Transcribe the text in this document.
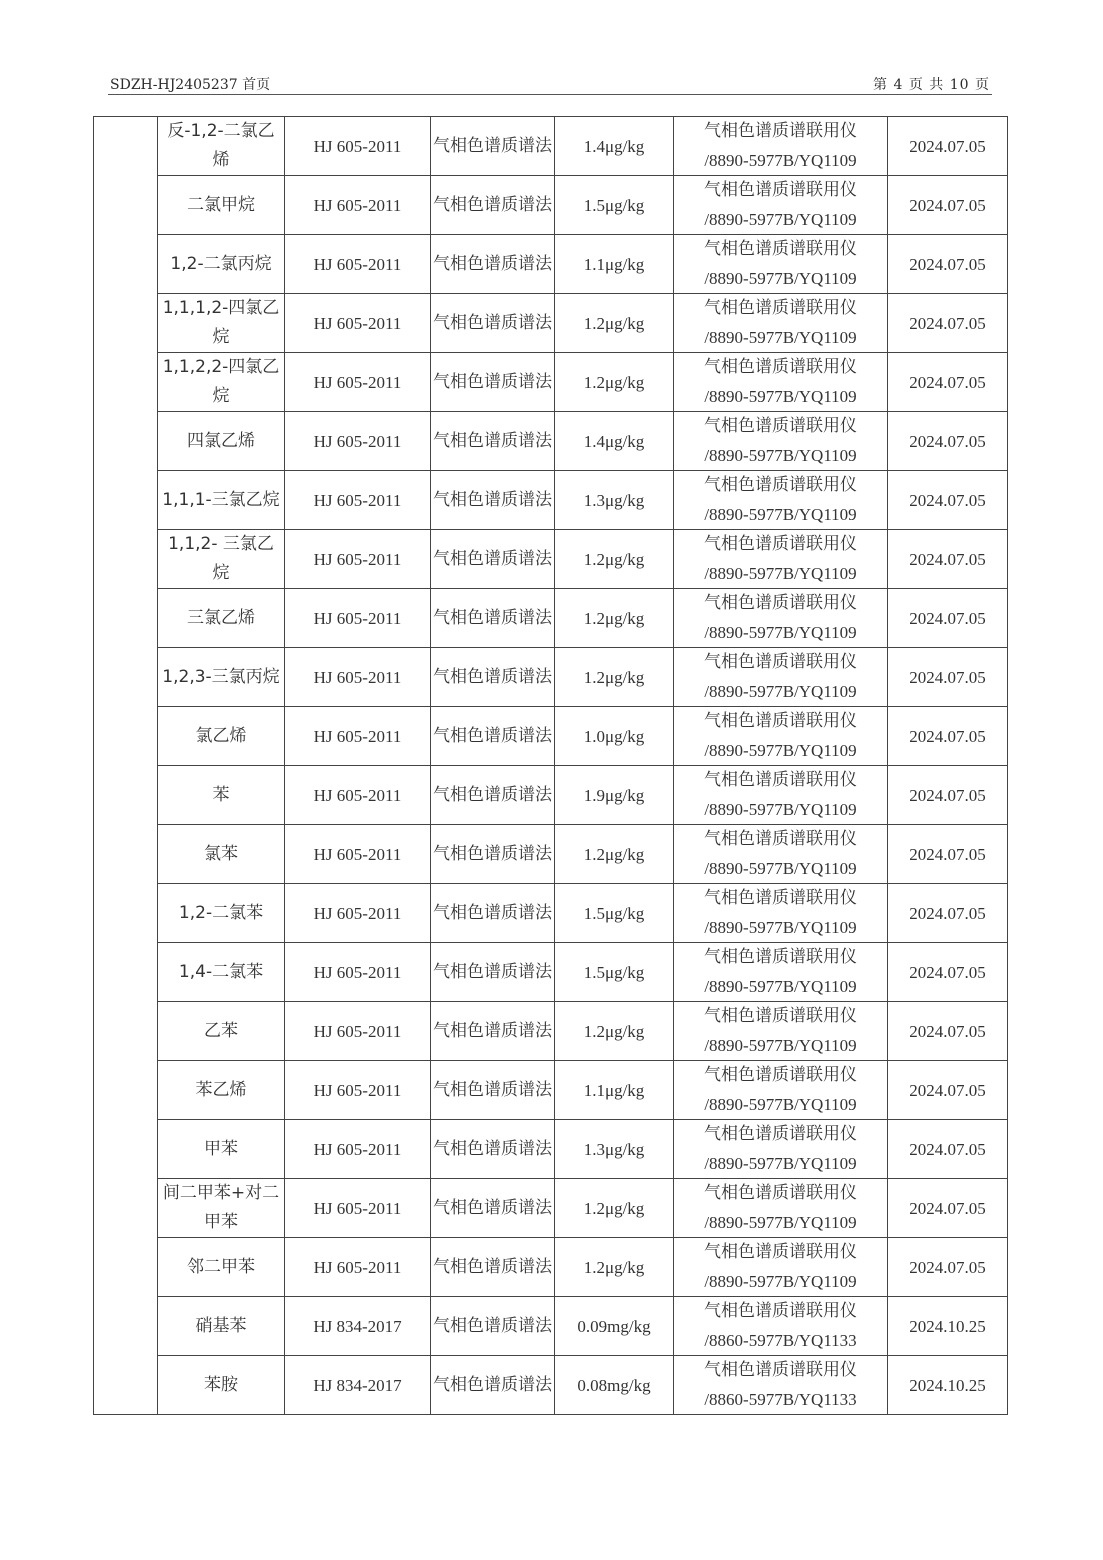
SDZH-HJ2405237 首页	第 4 页 共 10 页
	反-1,2-二氯乙烯	HJ 605-2011	气相色谱质谱法	1.4μg/kg	气相色谱质谱联用仪
/8890-5977B/YQ1109	2024.07.05
	二氯甲烷	HJ 605-2011	气相色谱质谱法	1.5μg/kg	气相色谱质谱联用仪
/8890-5977B/YQ1109	2024.07.05
	1,2-二氯丙烷	HJ 605-2011	气相色谱质谱法	1.1μg/kg	气相色谱质谱联用仪
/8890-5977B/YQ1109	2024.07.05
	1,1,1,2-四氯乙烷	HJ 605-2011	气相色谱质谱法	1.2μg/kg	气相色谱质谱联用仪
/8890-5977B/YQ1109	2024.07.05
	1,1,2,2-四氯乙烷	HJ 605-2011	气相色谱质谱法	1.2μg/kg	气相色谱质谱联用仪
/8890-5977B/YQ1109	2024.07.05
	四氯乙烯	HJ 605-2011	气相色谱质谱法	1.4μg/kg	气相色谱质谱联用仪
/8890-5977B/YQ1109	2024.07.05
	1,1,1-三氯乙烷	HJ 605-2011	气相色谱质谱法	1.3μg/kg	气相色谱质谱联用仪
/8890-5977B/YQ1109	2024.07.05
	1,1,2- 三氯乙烷	HJ 605-2011	气相色谱质谱法	1.2μg/kg	气相色谱质谱联用仪
/8890-5977B/YQ1109	2024.07.05
	三氯乙烯	HJ 605-2011	气相色谱质谱法	1.2μg/kg	气相色谱质谱联用仪
/8890-5977B/YQ1109	2024.07.05
	1,2,3-三氯丙烷	HJ 605-2011	气相色谱质谱法	1.2μg/kg	气相色谱质谱联用仪
/8890-5977B/YQ1109	2024.07.05
	氯乙烯	HJ 605-2011	气相色谱质谱法	1.0μg/kg	气相色谱质谱联用仪
/8890-5977B/YQ1109	2024.07.05
	苯	HJ 605-2011	气相色谱质谱法	1.9μg/kg	气相色谱质谱联用仪
/8890-5977B/YQ1109	2024.07.05
	氯苯	HJ 605-2011	气相色谱质谱法	1.2μg/kg	气相色谱质谱联用仪
/8890-5977B/YQ1109	2024.07.05
	1,2-二氯苯	HJ 605-2011	气相色谱质谱法	1.5μg/kg	气相色谱质谱联用仪
/8890-5977B/YQ1109	2024.07.05
	1,4-二氯苯	HJ 605-2011	气相色谱质谱法	1.5μg/kg	气相色谱质谱联用仪
/8890-5977B/YQ1109	2024.07.05
	乙苯	HJ 605-2011	气相色谱质谱法	1.2μg/kg	气相色谱质谱联用仪
/8890-5977B/YQ1109	2024.07.05
	苯乙烯	HJ 605-2011	气相色谱质谱法	1.1μg/kg	气相色谱质谱联用仪
/8890-5977B/YQ1109	2024.07.05
	甲苯	HJ 605-2011	气相色谱质谱法	1.3μg/kg	气相色谱质谱联用仪
/8890-5977B/YQ1109	2024.07.05
	间二甲苯+对二甲苯	HJ 605-2011	气相色谱质谱法	1.2μg/kg	气相色谱质谱联用仪
/8890-5977B/YQ1109	2024.07.05
	邻二甲苯	HJ 605-2011	气相色谱质谱法	1.2μg/kg	气相色谱质谱联用仪
/8890-5977B/YQ1109	2024.07.05
	硝基苯	HJ 834-2017	气相色谱质谱法	0.09mg/kg	气相色谱质谱联用仪
/8860-5977B/YQ1133	2024.10.25
	苯胺	HJ 834-2017	气相色谱质谱法	0.08mg/kg	气相色谱质谱联用仪
/8860-5977B/YQ1133	2024.10.25
